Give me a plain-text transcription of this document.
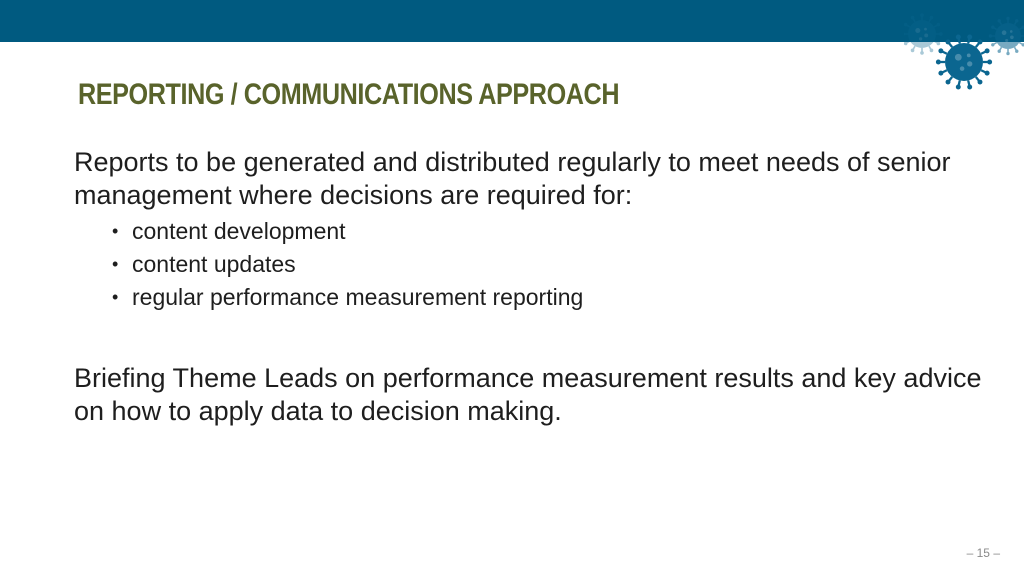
REPORTING / COMMUNICATIONS APPROACH

Reports to be generated and distributed regularly to meet needs of senior management where decisions are required for:

• content development
• content updates
• regular performance measurement reporting

Briefing Theme Leads on performance measurement results and key advice on how to apply data to decision making.

– 15 –
